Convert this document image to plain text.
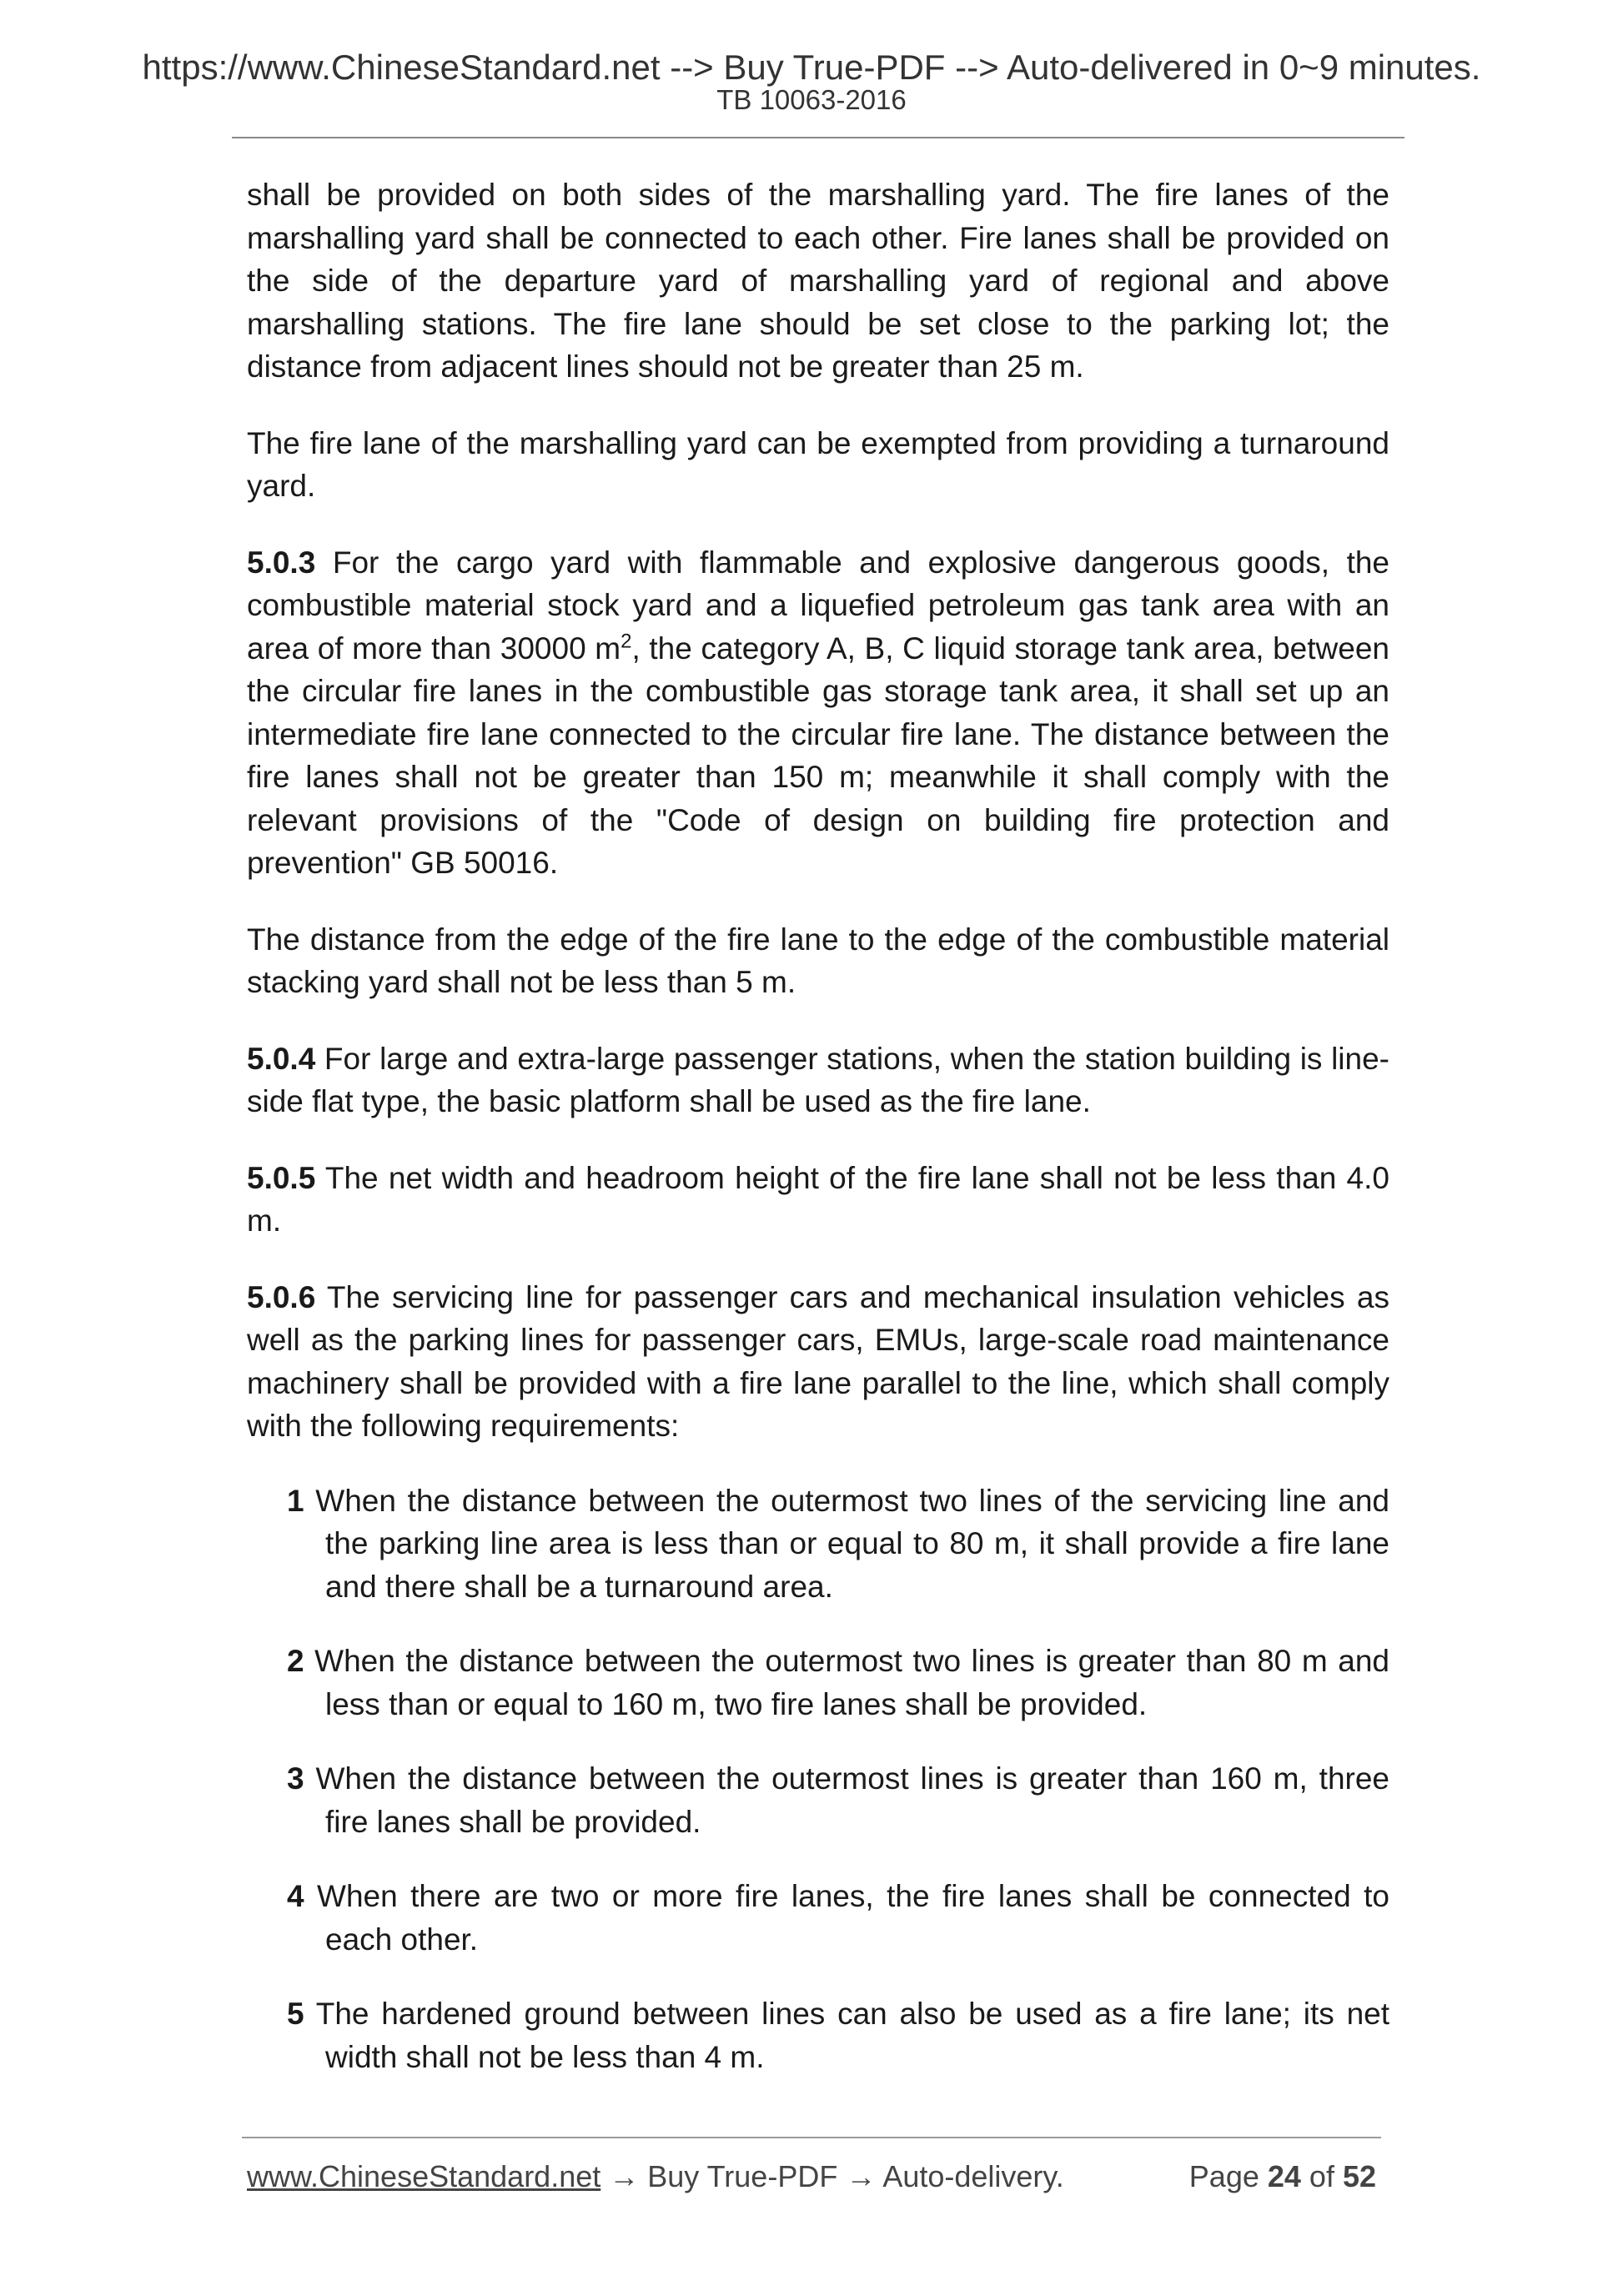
https://www.ChineseStandard.net --> Buy True-PDF --> Auto-delivered in 0~9 minutes.
TB 10063-2016

shall be provided on both sides of the marshalling yard. The fire lanes of the marshalling yard shall be connected to each other. Fire lanes shall be provided on the side of the departure yard of marshalling yard of regional and above marshalling stations. The fire lane should be set close to the parking lot; the distance from adjacent lines should not be greater than 25 m.

The fire lane of the marshalling yard can be exempted from providing a turnaround yard.

5.0.3 For the cargo yard with flammable and explosive dangerous goods, the combustible material stock yard and a liquefied petroleum gas tank area with an area of more than 30000 $m^2$, the category A, B, C liquid storage tank area, between the circular fire lanes in the combustible gas storage tank area, it shall set up an intermediate fire lane connected to the circular fire lane. The distance between the fire lanes shall not be greater than 150 m; meanwhile it shall comply with the relevant provisions of the "Code of design on building fire protection and prevention" GB 50016.

The distance from the edge of the fire lane to the edge of the combustible material stacking yard shall not be less than 5 m.

5.0.4 For large and extra-large passenger stations, when the station building is line-side flat type, the basic platform shall be used as the fire lane.

5.0.5 The net width and headroom height of the fire lane shall not be less than 4.0 m.

5.0.6 The servicing line for passenger cars and mechanical insulation vehicles as well as the parking lines for passenger cars, EMUs, large-scale road maintenance machinery shall be provided with a fire lane parallel to the line, which shall comply with the following requirements:

1 When the distance between the outermost two lines of the servicing line and the parking line area is less than or equal to 80 m, it shall provide a fire lane and there shall be a turnaround area.
2 When the distance between the outermost two lines is greater than 80 m and less than or equal to 160 m, two fire lanes shall be provided.
3 When the distance between the outermost lines is greater than 160 m, three fire lanes shall be provided.
4 When there are two or more fire lanes, the fire lanes shall be connected to each other.
5 The hardened ground between lines can also be used as a fire lane; its net width shall not be less than 4 m.
www.ChineseStandard.net → Buy True-PDF → Auto-delivery.	Page 24 of 52
